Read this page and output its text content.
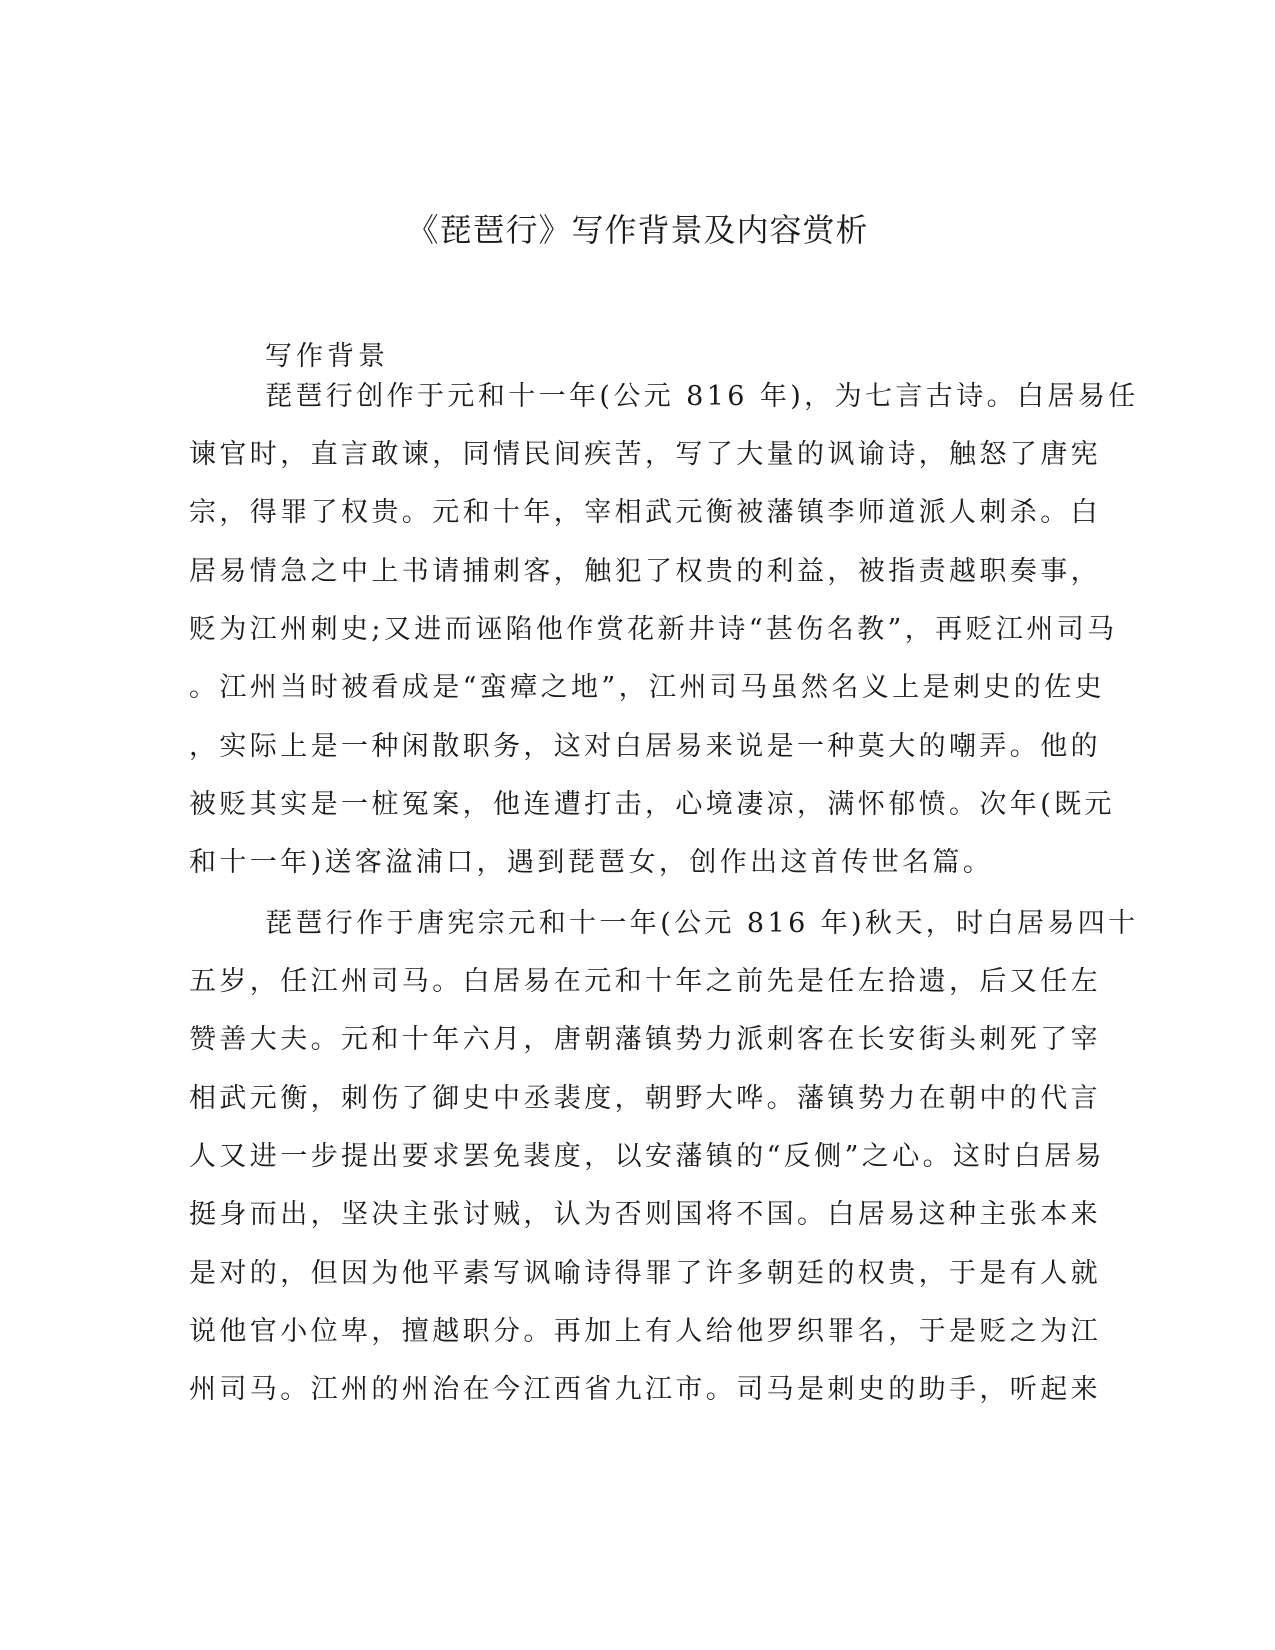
《琵琶行》写作背景及内容赏析
写作背景

琵琶行创作于元和十一年(公元 816 年)，为七言古诗。白居易任

谏官时，直言敢谏，同情民间疾苦，写了大量的讽谕诗，触怒了唐宪

宗，得罪了权贵。元和十年，宰相武元衡被藩镇李师道派人刺杀。白

居易情急之中上书请捕刺客，触犯了权贵的利益，被指责越职奏事，

贬为江州刺史;又进而诬陷他作赏花新井诗“甚伤名教”，再贬江州司马

。江州当时被看成是“蛮瘴之地”，江州司马虽然名义上是刺史的佐史

，实际上是一种闲散职务，这对白居易来说是一种莫大的嘲弄。他的

被贬其实是一桩冤案，他连遭打击，心境凄凉，满怀郁愤。次年(既元

和十一年)送客湓浦口，遇到琵琶女，创作出这首传世名篇。

琵琶行作于唐宪宗元和十一年(公元 816 年)秋天，时白居易四十

五岁，任江州司马。白居易在元和十年之前先是任左拾遗，后又任左

赞善大夫。元和十年六月，唐朝藩镇势力派刺客在长安街头刺死了宰

相武元衡，刺伤了御史中丞裴度，朝野大哗。藩镇势力在朝中的代言

人又进一步提出要求罢免裴度，以安藩镇的“反侧”之心。这时白居易

挺身而出，坚决主张讨贼，认为否则国将不国。白居易这种主张本来

是对的，但因为他平素写讽喻诗得罪了许多朝廷的权贵，于是有人就

说他官小位卑，擅越职分。再加上有人给他罗织罪名，于是贬之为江

州司马。江州的州治在今江西省九江市。司马是刺史的助手，听起来
